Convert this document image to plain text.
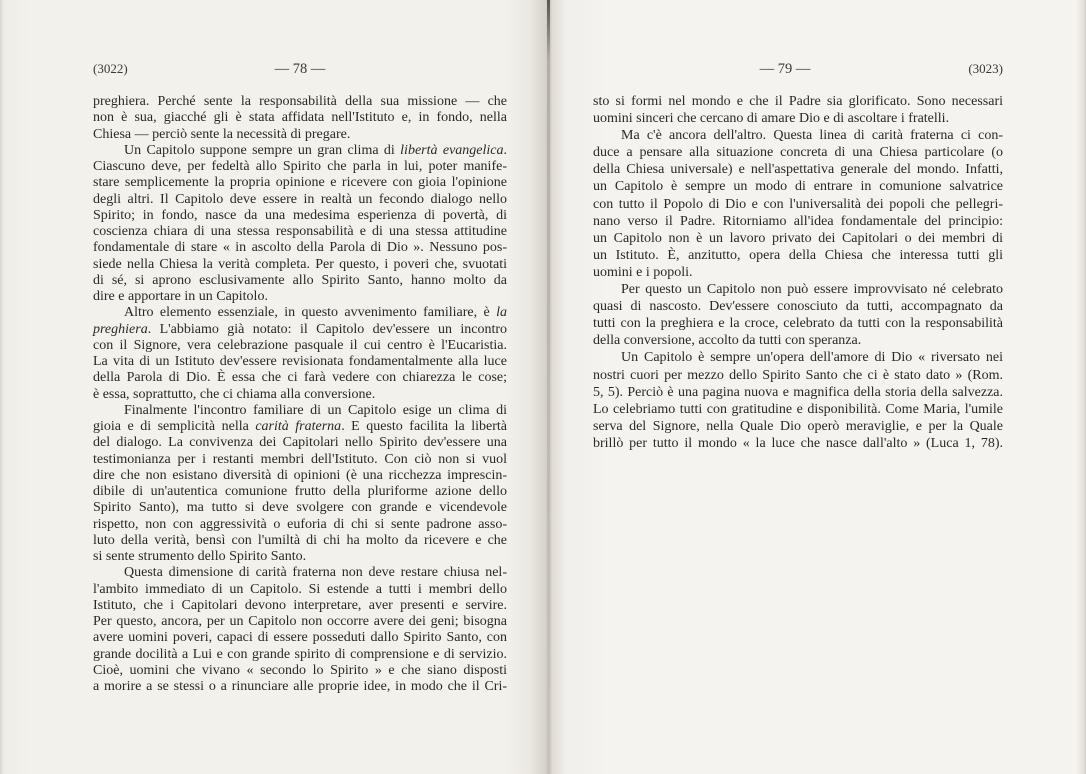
(3022)	— 78 —
preghiera. Perché sente la responsabilità della sua missione — che
non è sua, giacché gli è stata affidata nell'Istituto e, in fondo, nella
Chiesa — perciò sente la necessità di pregare.
Un Capitolo suppone sempre un gran clima di libertà evangelica.
Ciascuno deve, per fedeltà allo Spirito che parla in lui, poter manife-
stare semplicemente la propria opinione e ricevere con gioia l'opinione
degli altri. Il Capitolo deve essere in realtà un fecondo dialogo nello
Spirito; in fondo, nasce da una medesima esperienza di povertà, di
coscienza chiara di una stessa responsabilità e di una stessa attitudine
fondamentale di stare « in ascolto della Parola di Dio ». Nessuno pos-
siede nella Chiesa la verità completa. Per questo, i poveri che, svuotati
di sé, si aprono esclusivamente allo Spirito Santo, hanno molto da
dire e apportare in un Capitolo.
Altro elemento essenziale, in questo avvenimento familiare, è la
preghiera. L'abbiamo già notato: il Capitolo dev'essere un incontro
con il Signore, vera celebrazione pasquale il cui centro è l'Eucaristia.
La vita di un Istituto dev'essere revisionata fondamentalmente alla luce
della Parola di Dio. È essa che ci farà vedere con chiarezza le cose;
è essa, soprattutto, che ci chiama alla conversione.
Finalmente l'incontro familiare di un Capitolo esige un clima di
gioia e di semplicità nella carità fraterna. E questo facilita la libertà
del dialogo. La convivenza dei Capitolari nello Spirito dev'essere una
testimonianza per i restanti membri dell'Istituto. Con ciò non si vuol
dire che non esistano diversità di opinioni (è una ricchezza imprescin-
dibile di un'autentica comunione frutto della pluriforme azione dello
Spirito Santo), ma tutto si deve svolgere con grande e vicendevole
rispetto, non con aggressività o euforia di chi si sente padrone asso-
luto della verità, bensì con l'umiltà di chi ha molto da ricevere e che
si sente strumento dello Spirito Santo.
Questa dimensione di carità fraterna non deve restare chiusa nel-
l'ambito immediato di un Capitolo. Si estende a tutti i membri dello
Istituto, che i Capitolari devono interpretare, aver presenti e servire.
Per questo, ancora, per un Capitolo non occorre avere dei geni; bisogna
avere uomini poveri, capaci di essere posseduti dallo Spirito Santo, con
grande docilità a Lui e con grande spirito di comprensione e di servizio.
Cioè, uomini che vivano « secondo lo Spirito » e che siano disposti
a morire a se stessi o a rinunciare alle proprie idee, in modo che il Cri-
— 79 —	(3023)
sto si formi nel mondo e che il Padre sia glorificato. Sono necessari
uomini sinceri che cercano di amare Dio e di ascoltare i fratelli.
Ma c'è ancora dell'altro. Questa linea di carità fraterna ci con-
duce a pensare alla situazione concreta di una Chiesa particolare (o
della Chiesa universale) e nell'aspettativa generale del mondo. Infatti,
un Capitolo è sempre un modo di entrare in comunione salvatrice
con tutto il Popolo di Dio e con l'universalità dei popoli che pellegri-
nano verso il Padre. Ritorniamo all'idea fondamentale del principio:
un Capitolo non è un lavoro privato dei Capitolari o dei membri di
un Istituto. È, anzitutto, opera della Chiesa che interessa tutti gli
uomini e i popoli.
Per questo un Capitolo non può essere improvvisato né celebrato
quasi di nascosto. Dev'essere conosciuto da tutti, accompagnato da
tutti con la preghiera e la croce, celebrato da tutti con la responsabilità
della conversione, accolto da tutti con speranza.
Un Capitolo è sempre un'opera dell'amore di Dio « riversato nei
nostri cuori per mezzo dello Spirito Santo che ci è stato dato » (Rom.
5, 5). Perciò è una pagina nuova e magnifica della storia della salvezza.
Lo celebriamo tutti con gratitudine e disponibilità. Come Maria, l'umile
serva del Signore, nella Quale Dio operò meraviglie, e per la Quale
brillò per tutto il mondo « la luce che nasce dall'alto » (Luca 1, 78).
